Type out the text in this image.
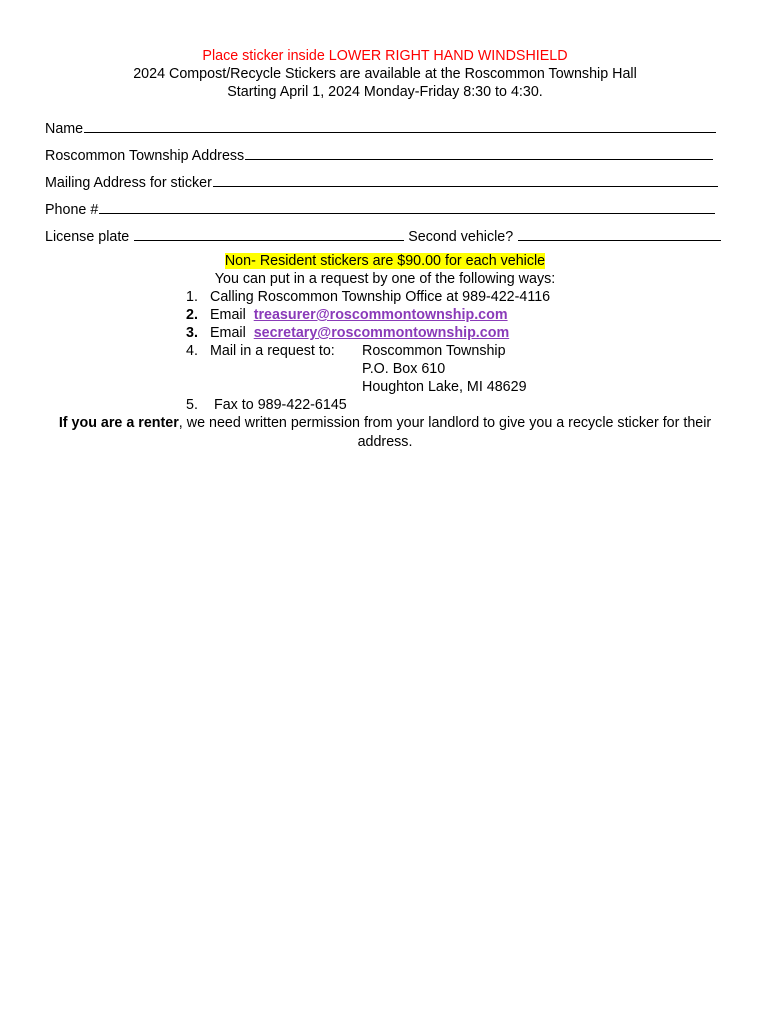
Place sticker inside LOWER RIGHT HAND WINDSHIELD
2024 Compost/Recycle Stickers are available at the Roscommon Township Hall
Starting April 1, 2024 Monday-Friday 8:30 to 4:30.
Name
Roscommon Township Address
Mailing Address for sticker
Phone #
License plate	Second vehicle?
Non- Resident stickers are $90.00 for each vehicle
You can put in a request by one of the following ways:
1. Calling Roscommon Township Office at 989-422-4116
2. Email treasurer@roscommontownship.com
3. Email secretary@roscommontownship.com
4. Mail in a request to: Roscommon Township
P.O. Box 610
Houghton Lake, MI 48629
5.	Fax to 989-422-6145
If you are a renter, we need written permission from your landlord to give you a recycle sticker for their address.
